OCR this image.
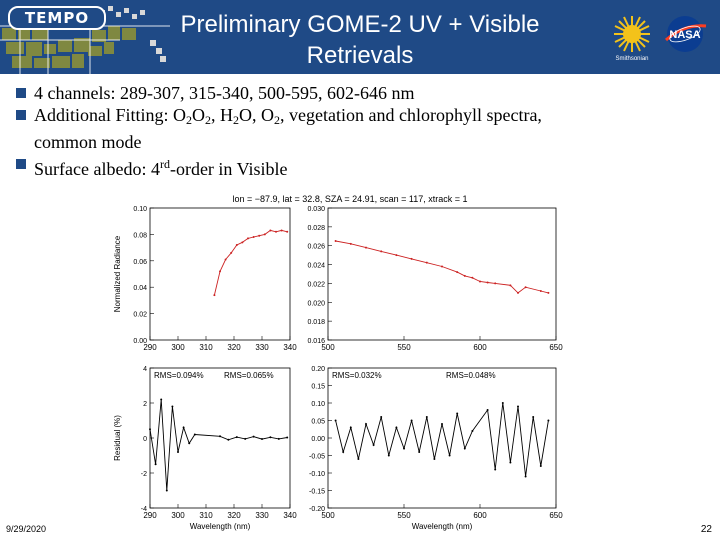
TEMPO	Preliminary GOME-2 UV + Visible
Retrievals	Smithsonian
NASA
4 channels: 289-307, 315-340, 500-595, 602-646 nm
Additional Fitting: $O_2O_2$, $H_2O$, $O_2$, vegetation and chlorophyll spectra,
common mode
Surface albedo: 4rd-order in Visible
290 300 310 320 330 340
0.00
0.02
0.04
0.06
0.08
0.10
Normalized Radiance
lon = −87.9, lat = 32.8, SZA = 24.91, scan = 117, xtrack = 1
500	550	600	650
0.016
0.018
0.020
0.022
0.024
0.026
0.028
0.030
290 300 310 320 330 340
-4
-2
0
2
4
Residual (%)
Wavelength (nm)
RMS=0.094%	RMS=0.065%
500	550	600	650
-0.20
-0.15
-0.10
-0.05
0.00
0.05
0.10
0.15
0.20
Wavelength (nm)
RMS=0.032%	RMS=0.048%
9/29/2020	22
